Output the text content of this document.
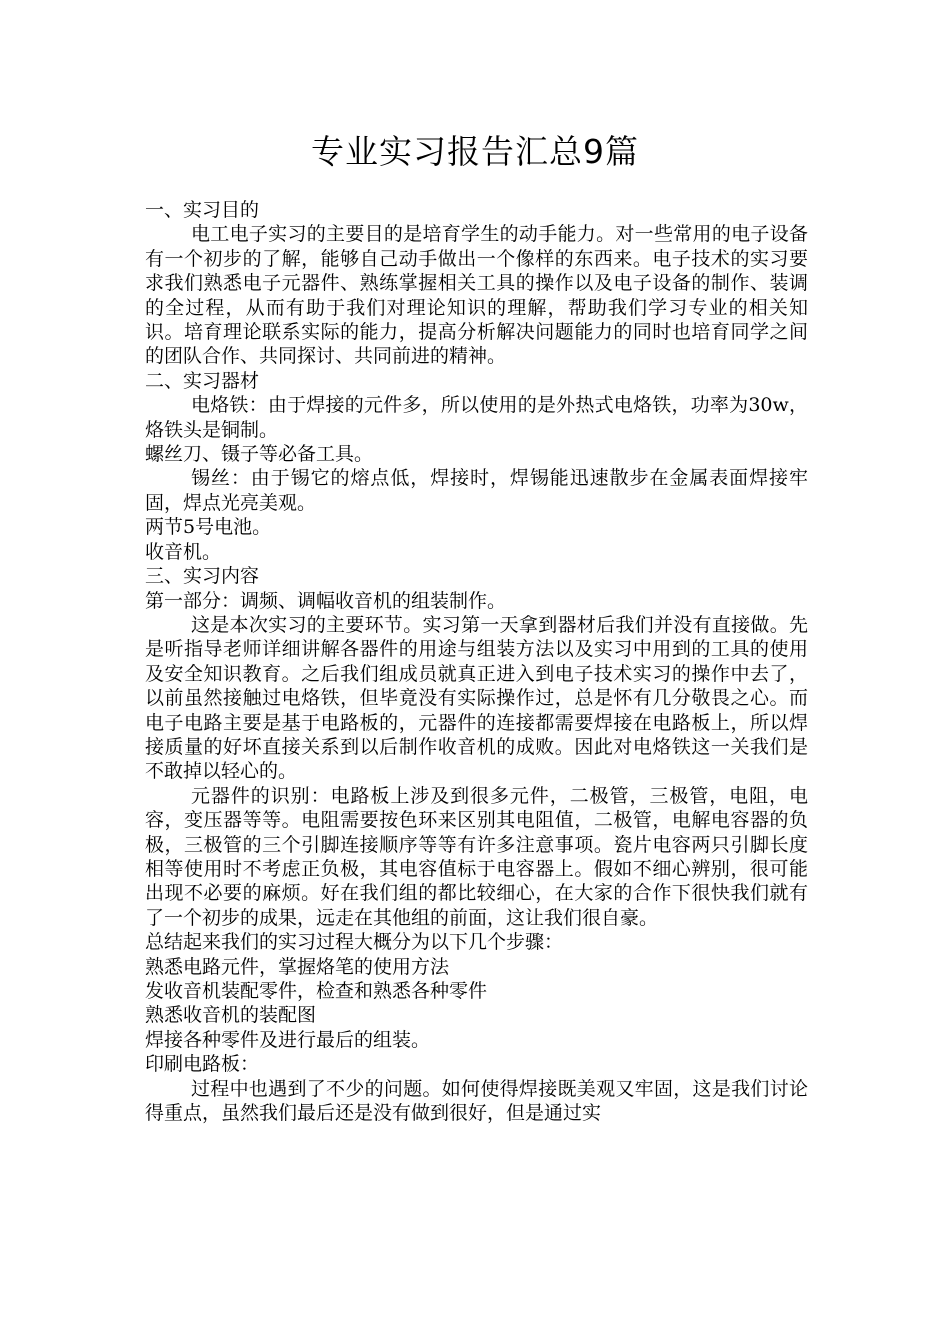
专业实习报告汇总9篇

一、实习目的

电工电子实习的主要目的是培育学生的动手能力。对一些常用的电子设备有一个初步的了解，能够自己动手做出一个像样的东西来。电子技术的实习要求我们熟悉电子元器件、熟练掌握相关工具的操作以及电子设备的制作、装调的全过程，从而有助于我们对理论知识的理解，帮助我们学习专业的相关知识。培育理论联系实际的能力，提高分析解决问题能力的同时也培育同学之间的团队合作、共同探讨、共同前进的精神。

二、实习器材

电烙铁：由于焊接的元件多，所以使用的是外热式电烙铁，功率为30w，烙铁头是铜制。

螺丝刀、镊子等必备工具。

锡丝：由于锡它的熔点低，焊接时，焊锡能迅速散步在金属表面焊接牢固，焊点光亮美观。

两节5号电池。

收音机。

三、实习内容

第一部分：调频、调幅收音机的组装制作。

这是本次实习的主要环节。实习第一天拿到器材后我们并没有直接做。先是听指导老师详细讲解各器件的用途与组装方法以及实习中用到的工具的使用及安全知识教育。之后我们组成员就真正进入到电子技术实习的操作中去了，以前虽然接触过电烙铁，但毕竟没有实际操作过，总是怀有几分敬畏之心。而电子电路主要是基于电路板的，元器件的连接都需要焊接在电路板上，所以焊接质量的好坏直接关系到以后制作收音机的成败。因此对电烙铁这一关我们是不敢掉以轻心的。

元器件的识别：电路板上涉及到很多元件，二极管，三极管，电阻，电容，变压器等等。电阻需要按色环来区别其电阻值，二极管，电解电容器的负极，三极管的三个引脚连接顺序等等有许多注意事项。瓷片电容两只引脚长度相等使用时不考虑正负极，其电容值标于电容器上。假如不细心辨别，很可能出现不必要的麻烦。好在我们组的都比较细心，在大家的合作下很快我们就有了一个初步的成果，远走在其他组的前面，这让我们很自豪。

总结起来我们的实习过程大概分为以下几个步骤：

熟悉电路元件，掌握烙笔的使用方法

发收音机装配零件，检查和熟悉各种零件

熟悉收音机的装配图

焊接各种零件及进行最后的组装。

印刷电路板：

过程中也遇到了不少的问题。如何使得焊接既美观又牢固，这是我们讨论得重点，虽然我们最后还是没有做到很好，但是通过实
